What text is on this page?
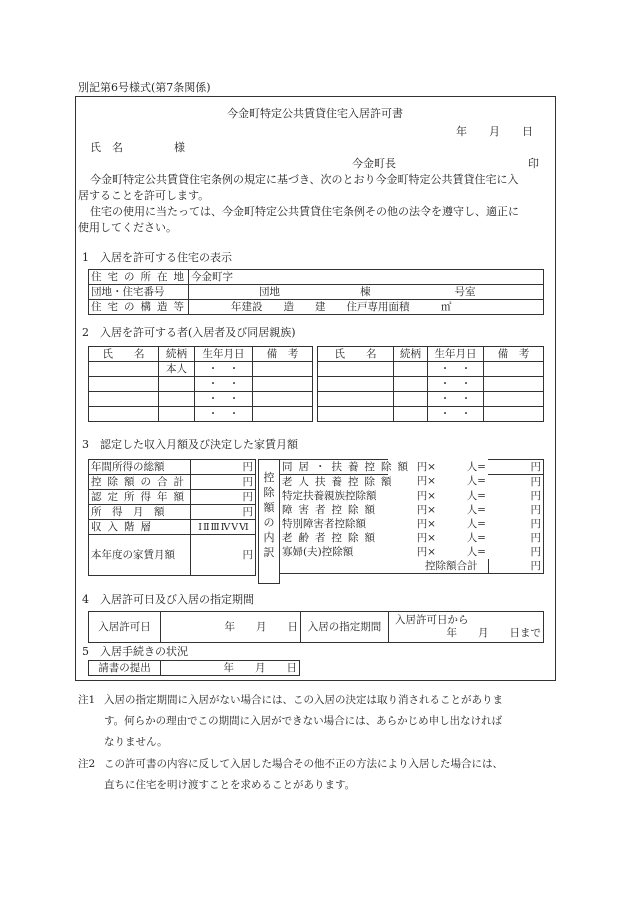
別記第6号様式(第7条関係)
今金町特定公共賃貸住宅入居許可書
年　　月　　日
氏　名	様
今金町長	印
今金町特定公共賃貸住宅条例の規定に基づき、次のとおり今金町特定公共賃貸住宅に入
居することを許可します。
住宅の使用に当たっては、今金町特定公共賃貸住宅条例その他の法令を遵守し、適正に
使用してください。
1　入居を許可する住宅の表示
住宅の所在地	今金町字
団地・住宅番号	団地 棟 号室
住宅の構造等	年建設　　造　　建　　住戸専用面積　　　㎡
2　入居を許可する者(入居者及び同居親族)
氏　　名	続柄	生年月日	備　考
	本人	・　・	
		・　・	
		・　・	
		・　・	
氏　　名	続柄	生年月日	備　考
		・　・	
		・　・	
		・　・	
		・　・	
3　認定した収入月額及び決定した家賃月額
年間所得の総額	円
控除額の合計	円
認定所得年額	円
所　得　月　額	円
収入階層	Ⅰ Ⅱ Ⅲ Ⅳ Ⅴ Ⅵ
本年度の家賃月額	円
控除額の内訳
同居・扶養控除額	円×	人=	円
老人扶養控除額	円×	人=	円
特定扶養親族控除額	円×	人=	円
障害者控除額	円×	人=	円
特別障害者控除額	円×	人=	円
老齢者控除額	円×	人=	円
寡婦(夫)控除額	円×	人=	円
控除額合計			円
4　入居許可日及び入居の指定期間
入居許可日	年　　月　　日	入居の指定期間	
入居許可日から
年　　月　　日まで
5　入居手続きの状況
請書の提出	年　　月　　日
注1 入居の指定期間に入居がない場合には、この入居の決定は取り消されることがありま
す。何らかの理由でこの期間に入居ができない場合には、あらかじめ申し出なければ
なりません。
注2 この許可書の内容に反して入居した場合その他不正の方法により入居した場合には、
直ちに住宅を明け渡すことを求めることがあります。
